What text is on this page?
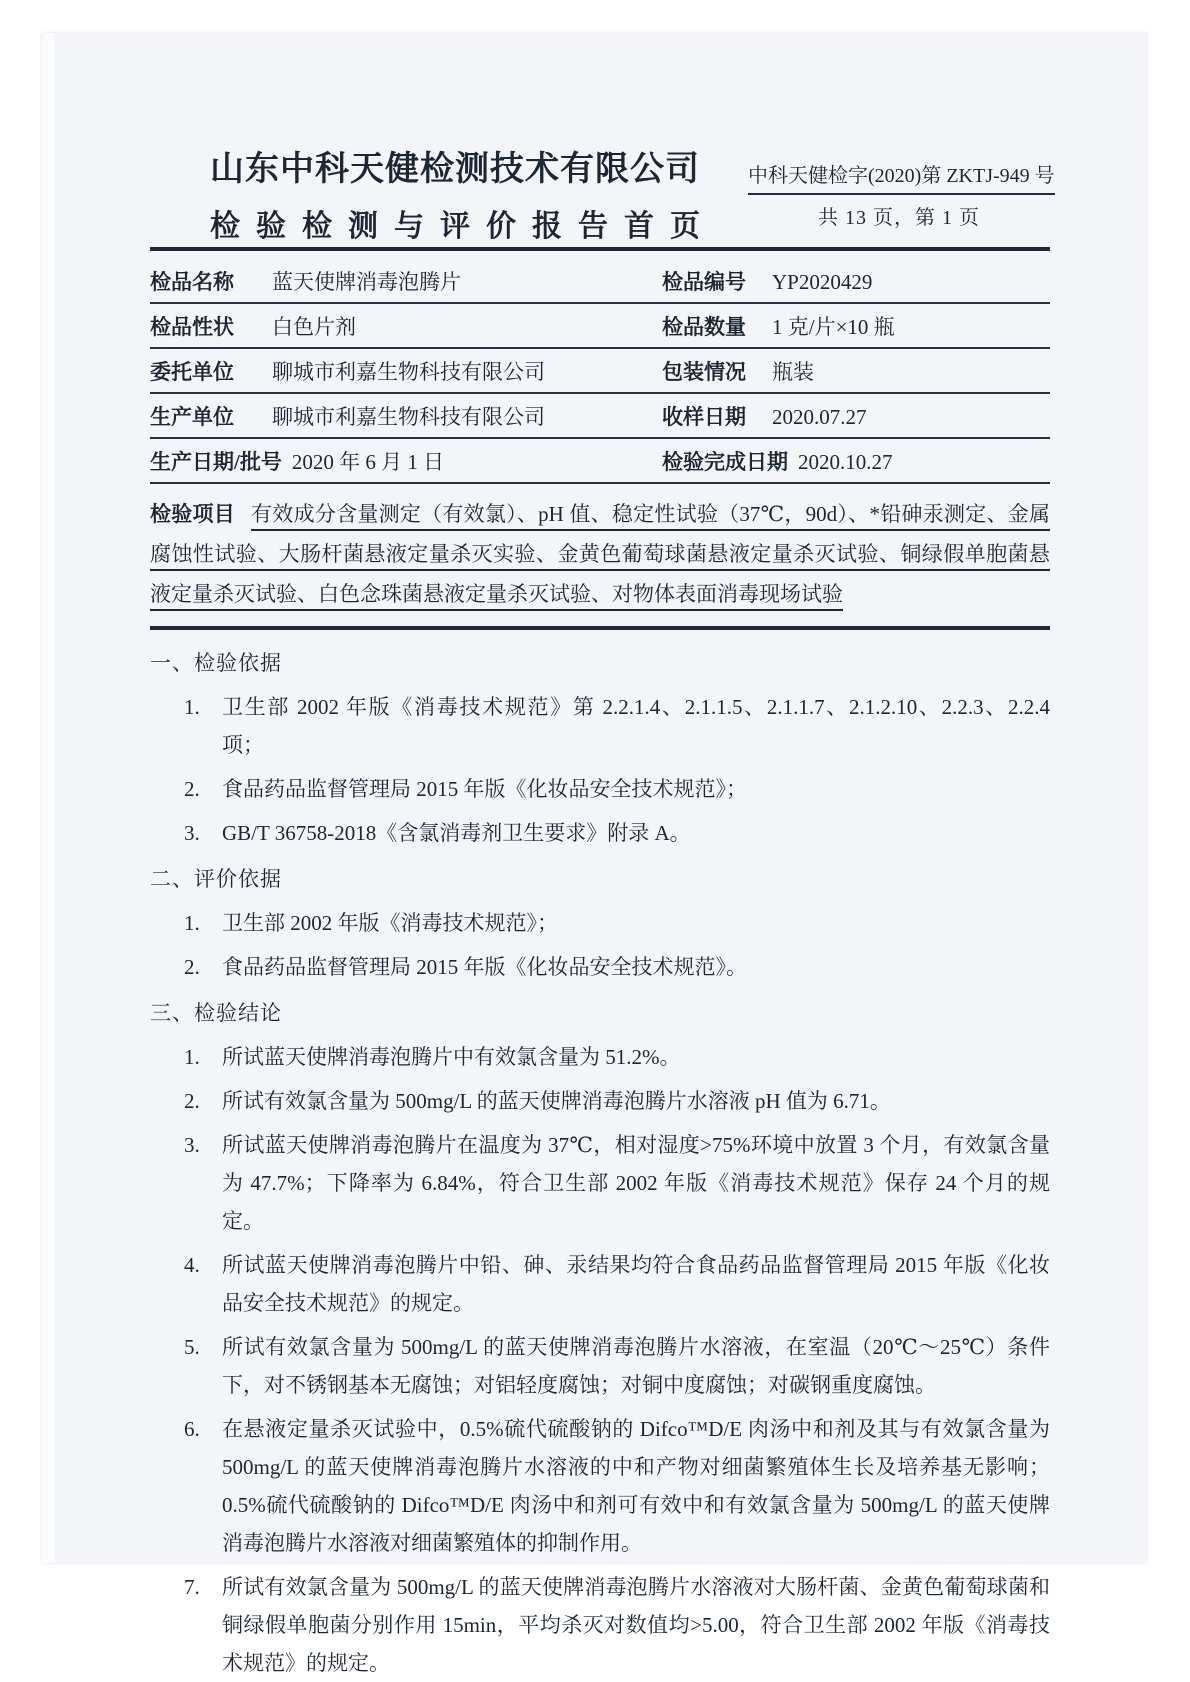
山东中科天健检测技术有限公司 中科天健检字(2020)第 ZKTJ-949 号
共 13 页，第 1 页
检验检测与评价报告首页
检品名称	蓝天使牌消毒泡腾片	检品编号	YP2020429
检品性状	白色片剂	检品数量	1 克/片×10 瓶
委托单位	聊城市利嘉生物科技有限公司	包装情况	瓶装
生产单位	聊城市利嘉生物科技有限公司	收样日期	2020.07.27
生产日期/批号 2020 年 6 月 1 日	检验完成日期 2020.10.27
检验项目 有效成分含量测定（有效氯）、pH 值、稳定性试验（37℃，90d）、*铅砷汞测定、金属腐蚀性试验、大肠杆菌悬液定量杀灭实验、金黄色葡萄球菌悬液定量杀灭试验、铜绿假单胞菌悬液定量杀灭试验、白色念珠菌悬液定量杀灭试验、对物体表面消毒现场试验
一、检验依据
1.	卫生部 2002 年版《消毒技术规范》第 2.2.1.4、2.1.1.5、2.1.1.7、2.1.2.10、2.2.3、2.2.4 项；
2.	食品药品监督管理局 2015 年版《化妆品安全技术规范》；
3.	GB/T 36758-2018《含氯消毒剂卫生要求》附录 A。
二、评价依据
1.	卫生部 2002 年版《消毒技术规范》；
2.	食品药品监督管理局 2015 年版《化妆品安全技术规范》。
三、检验结论
1.	所试蓝天使牌消毒泡腾片中有效氯含量为 51.2%。
2.	所试有效氯含量为 500mg/L 的蓝天使牌消毒泡腾片水溶液 pH 值为 6.71。
3.	所试蓝天使牌消毒泡腾片在温度为 37℃，相对湿度>75%环境中放置 3 个月，有效氯含量为 47.7%；下降率为 6.84%，符合卫生部 2002 年版《消毒技术规范》保存 24 个月的规定。
4.	所试蓝天使牌消毒泡腾片中铅、砷、汞结果均符合食品药品监督管理局 2015 年版《化妆品安全技术规范》的规定。
5.	所试有效氯含量为 500mg/L 的蓝天使牌消毒泡腾片水溶液，在室温（20℃～25℃）条件下，对不锈钢基本无腐蚀；对铝轻度腐蚀；对铜中度腐蚀；对碳钢重度腐蚀。
6.	在悬液定量杀灭试验中，0.5%硫代硫酸钠的 Difco™D/E 肉汤中和剂及其与有效氯含量为 500mg/L 的蓝天使牌消毒泡腾片水溶液的中和产物对细菌繁殖体生长及培养基无影响；0.5%硫代硫酸钠的 Difco™D/E 肉汤中和剂可有效中和有效氯含量为 500mg/L 的蓝天使牌消毒泡腾片水溶液对细菌繁殖体的抑制作用。
7.	所试有效氯含量为 500mg/L 的蓝天使牌消毒泡腾片水溶液对大肠杆菌、金黄色葡萄球菌和铜绿假单胞菌分别作用 15min，平均杀灭对数值均>5.00，符合卫生部 2002 年版《消毒技术规范》的规定。
